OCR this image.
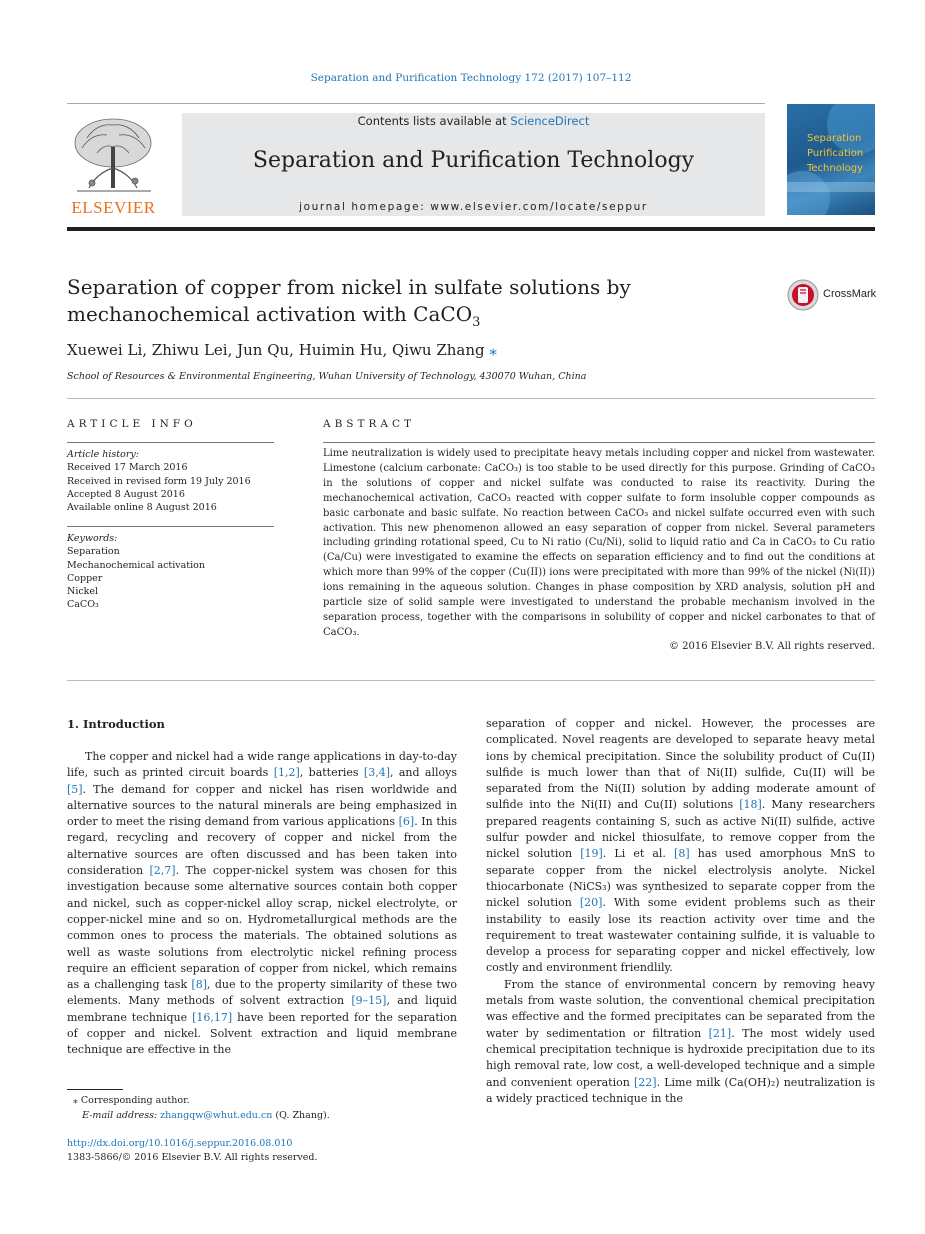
Separation and Purification Technology 172 (2017) 107–112
ELSEVIER
Contents lists available at ScienceDirect
Separation and Purification Technology
journal homepage: www.elsevier.com/locate/seppur
Separation
Purification
Technology
Separation of copper from nickel in sulfate solutions by
mechanochemical activation with CaCO$_3$
CrossMark
Xuewei Li, Zhiwu Lei, Jun Qu, Huimin Hu, Qiwu Zhang ⁎
School of Resources & Environmental Engineering, Wuhan University of Technology, 430070 Wuhan, China
ARTICLE INFO	ABSTRACT
Article history:
Received 17 March 2016
Received in revised form 19 July 2016
Accepted 8 August 2016
Available online 8 August 2016
Keywords:
Separation
Mechanochemical activation
Copper
Nickel
CaCO₃
Lime neutralization is widely used to precipitate heavy metals including copper and nickel from wastewater. Limestone (calcium carbonate: CaCO₃) is too stable to be used directly for this purpose. Grinding of CaCO₃ in the solutions of copper and nickel sulfate was conducted to raise its reactivity. During the mechanochemical activation, CaCO₃ reacted with copper sulfate to form insoluble copper compounds as basic carbonate and basic sulfate. No reaction between CaCO₃ and nickel sulfate occurred even with such activation. This new phenomenon allowed an easy separation of copper from nickel. Several parameters including grinding rotational speed, Cu to Ni ratio (Cu/Ni), solid to liquid ratio and Ca in CaCO₃ to Cu ratio (Ca/Cu) were investigated to examine the effects on separation efficiency and to find out the conditions at which more than 99% of the copper (Cu(II)) ions were precipitated with more than 99% of the nickel (Ni(II)) ions remaining in the aqueous solution. Changes in phase composition by XRD analysis, solution pH and particle size of solid sample were investigated to understand the probable mechanism involved in the separation process, together with the comparisons in solubility of copper and nickel carbonates to that of CaCO₃.
© 2016 Elsevier B.V. All rights reserved.
1. Introduction
The copper and nickel had a wide range applications in day-to-day life, such as printed circuit boards [1,2], batteries [3,4], and alloys [5]. The demand for copper and nickel has risen worldwide and alternative sources to the natural minerals are being emphasized in order to meet the rising demand from various applications [6]. In this regard, recycling and recovery of copper and nickel from the alternative sources are often discussed and has been taken into consideration [2,7]. The copper-nickel system was chosen for this investigation because some alternative sources contain both copper and nickel, such as copper-nickel alloy scrap, nickel electrolyte, or copper-nickel mine and so on. Hydrometallurgical methods are the common ones to process the materials. The obtained solutions as well as waste solutions from electrolytic nickel refining process require an efficient separation of copper from nickel, which remains as a challenging task [8], due to the property similarity of these two elements. Many methods of solvent extraction [9–15], and liquid membrane technique [16,17] have been reported for the separation of copper and nickel. Solvent extraction and liquid membrane technique are effective in the

separation of copper and nickel. However, the processes are complicated. Novel reagents are developed to separate heavy metal ions by chemical precipitation. Since the solubility product of Cu(II) sulfide is much lower than that of Ni(II) sulfide, Cu(II) will be separated from the Ni(II) solution by adding moderate amount of sulfide into the Ni(II) and Cu(II) solutions [18]. Many researchers prepared reagents containing S, such as active Ni(II) sulfide, active sulfur powder and nickel thiosulfate, to remove copper from the nickel solution [19]. Li et al. [8] has used amorphous MnS to separate copper from the nickel electrolysis anolyte. Nickel thiocarbonate (NiCS₃) was synthesized to separate copper from the nickel solution [20]. With some evident problems such as their instability to easily lose its reaction activity over time and the requirement to treat wastewater containing sulfide, it is valuable to develop a process for separating copper and nickel effectively, low costly and environment friendlily.

From the stance of environmental concern by removing heavy metals from waste solution, the conventional chemical precipitation was effective and the formed precipitates can be separated from the water by sedimentation or filtration [21]. The most widely used chemical precipitation technique is hydroxide precipitation due to its high removal rate, low cost, a well-developed technique and a simple and convenient operation [22]. Lime milk (Ca(OH)₂) neutralization is a widely practiced technique in the

⁎ Corresponding author.
E-mail address: zhangqw@whut.edu.cn (Q. Zhang).
http://dx.doi.org/10.1016/j.seppur.2016.08.010
1383-5866/© 2016 Elsevier B.V. All rights reserved.
